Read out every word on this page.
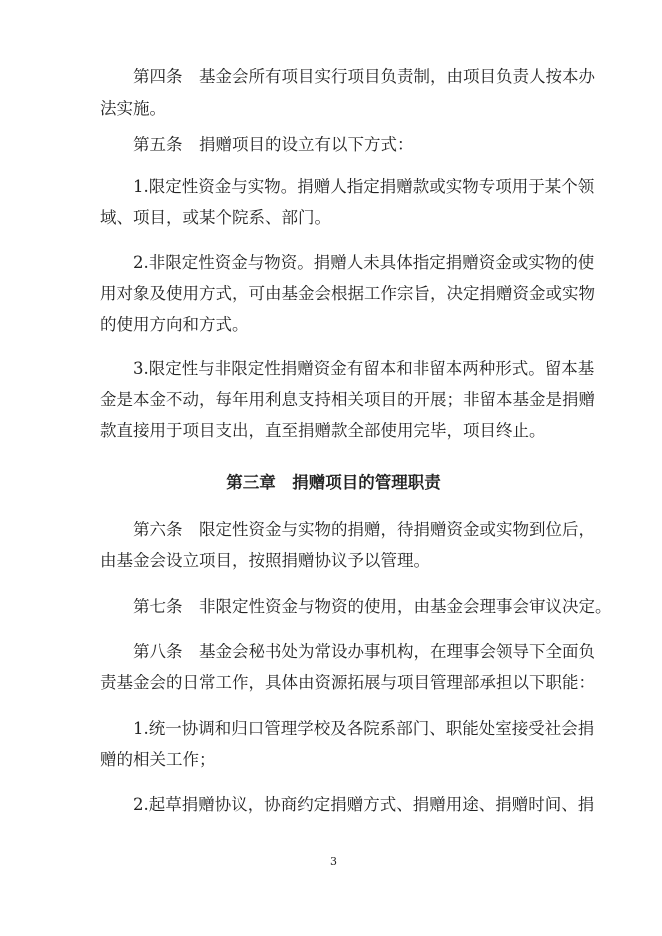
第四条　基金会所有项目实行项目负责制，由项目负责人按本办
法实施。
第五条　捐赠项目的设立有以下方式：
1.限定性资金与实物。捐赠人指定捐赠款或实物专项用于某个领
域、项目，或某个院系、部门。
2.非限定性资金与物资。捐赠人未具体指定捐赠资金或实物的使
用对象及使用方式，可由基金会根据工作宗旨，决定捐赠资金或实物
的使用方向和方式。
3.限定性与非限定性捐赠资金有留本和非留本两种形式。留本基
金是本金不动，每年用利息支持相关项目的开展；非留本基金是捐赠
款直接用于项目支出，直至捐赠款全部使用完毕，项目终止。
第三章　捐赠项目的管理职责
第六条　限定性资金与实物的捐赠，待捐赠资金或实物到位后，
由基金会设立项目，按照捐赠协议予以管理。
第七条　非限定性资金与物资的使用，由基金会理事会审议决定。
第八条　基金会秘书处为常设办事机构，在理事会领导下全面负
责基金会的日常工作，具体由资源拓展与项目管理部承担以下职能：
1.统一协调和归口管理学校及各院系部门、职能处室接受社会捐
赠的相关工作；
2.起草捐赠协议，协商约定捐赠方式、捐赠用途、捐赠时间、捐
3
